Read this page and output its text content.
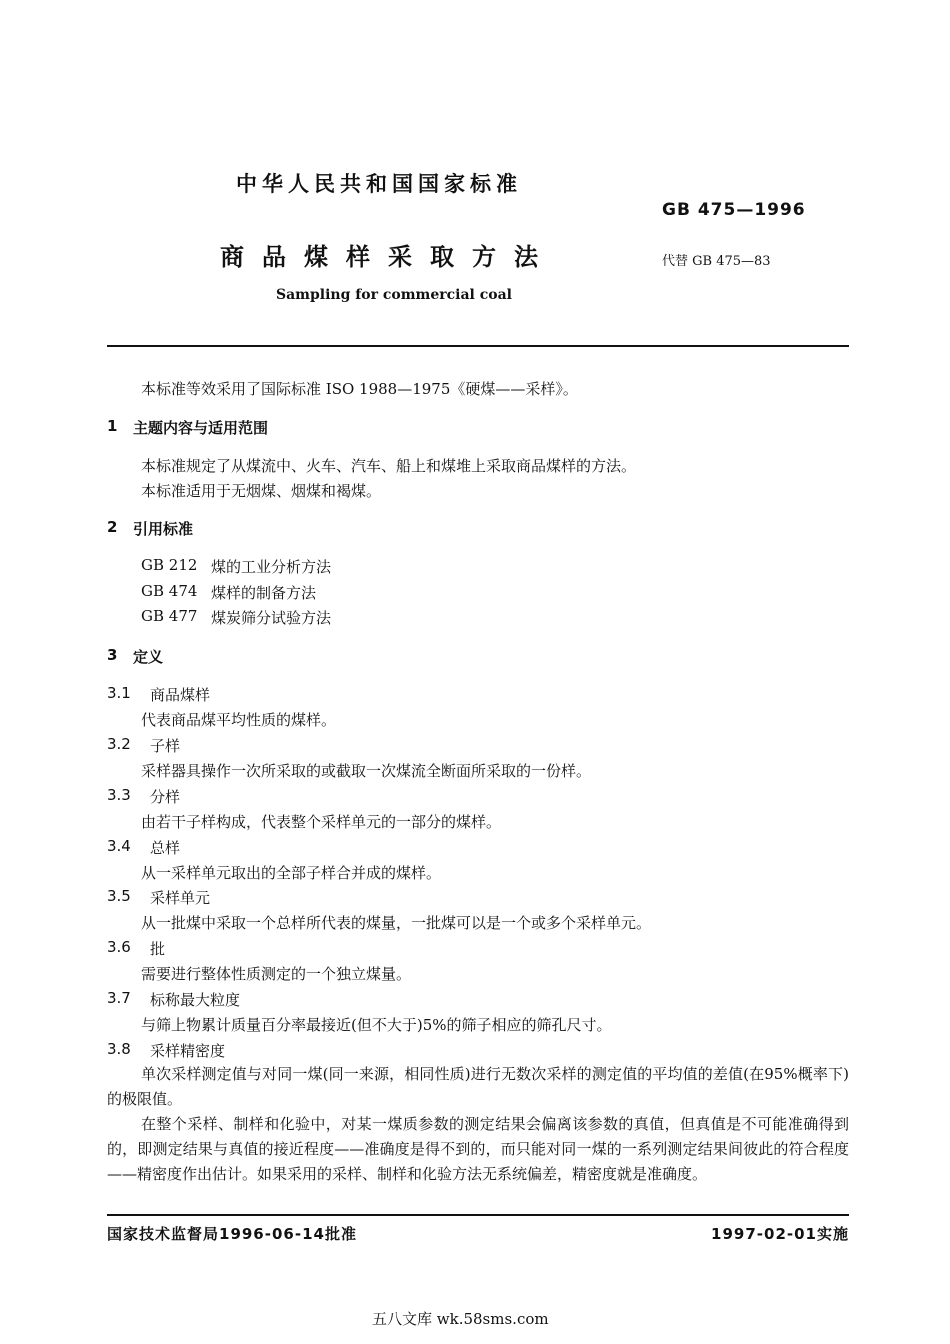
中华人民共和国国家标准
GB 475—1996
商品煤样采取方法	代替 GB 475—83
Sampling for commercial coal
本标准等效采用了国际标准 ISO 1988—1975《硬煤——采样》。
1 主题内容与适用范围
本标准规定了从煤流中、火车、汽车、船上和煤堆上采取商品煤样的方法。
本标准适用于无烟煤、烟煤和褐煤。
2 引用标准
GB 212 煤的工业分析方法
GB 474 煤样的制备方法
GB 477 煤炭筛分试验方法
3 定义
3.1 商品煤样
代表商品煤平均性质的煤样。
3.2 子样
采样器具操作一次所采取的或截取一次煤流全断面所采取的一份样。
3.3 分样
由若干子样构成，代表整个采样单元的一部分的煤样。
3.4 总样
从一采样单元取出的全部子样合并成的煤样。
3.5 采样单元
从一批煤中采取一个总样所代表的煤量，一批煤可以是一个或多个采样单元。
3.6 批
需要进行整体性质测定的一个独立煤量。
3.7 标称最大粒度
与筛上物累计质量百分率最接近(但不大于)5%的筛子相应的筛孔尺寸。
3.8 采样精密度
单次采样测定值与对同一煤(同一来源，相同性质)进行无数次采样的测定值的平均值的差值(在95%概率下)的极限值。
在整个采样、制样和化验中，对某一煤质参数的测定结果会偏离该参数的真值，但真值是不可能准确得到的，即测定结果与真值的接近程度——准确度是得不到的，而只能对同一煤的一系列测定结果间彼此的符合程度——精密度作出估计。如果采用的采样、制样和化验方法无系统偏差，精密度就是准确度。
国家技术监督局1996-06-14批准	1997-02-01实施
五八文库 wk.58sms.com
